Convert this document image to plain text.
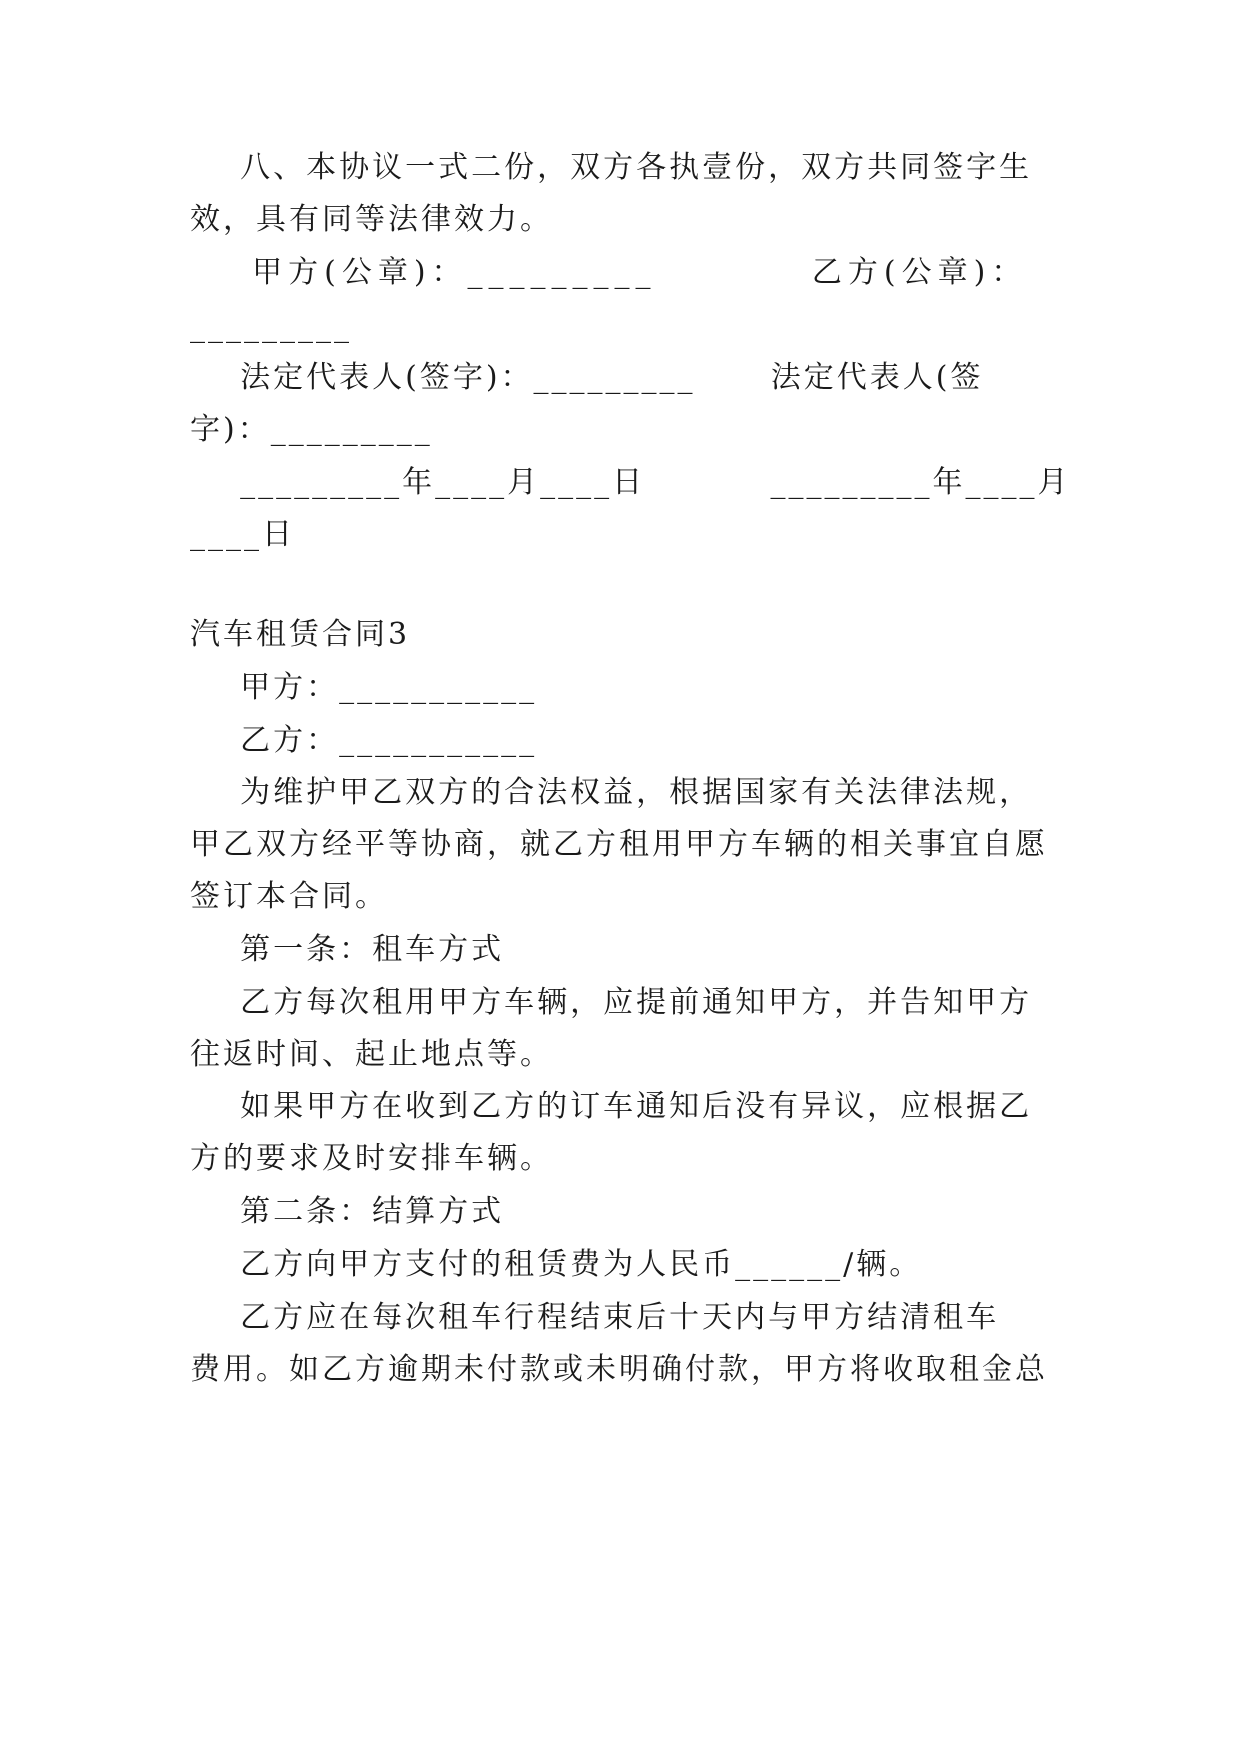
八、本协议一式二份，双方各执壹份，双方共同签字生
效，具有同等法律效力。
甲方(公章)：_________          乙方(公章)：
_________
法定代表人(签字)：_________      法定代表人(签
字)：_________
_________年____月____日          _________年____月
____日
汽车租赁合同3
甲方：___________
乙方：___________
为维护甲乙双方的合法权益，根据国家有关法律法规，
甲乙双方经平等协商，就乙方租用甲方车辆的相关事宜自愿
签订本合同。
第一条：租车方式
乙方每次租用甲方车辆，应提前通知甲方，并告知甲方
往返时间、起止地点等。
如果甲方在收到乙方的订车通知后没有异议，应根据乙
方的要求及时安排车辆。
第二条：结算方式
乙方向甲方支付的租赁费为人民币______/辆。
乙方应在每次租车行程结束后十天内与甲方结清租车
费用。如乙方逾期未付款或未明确付款，甲方将收取租金总
